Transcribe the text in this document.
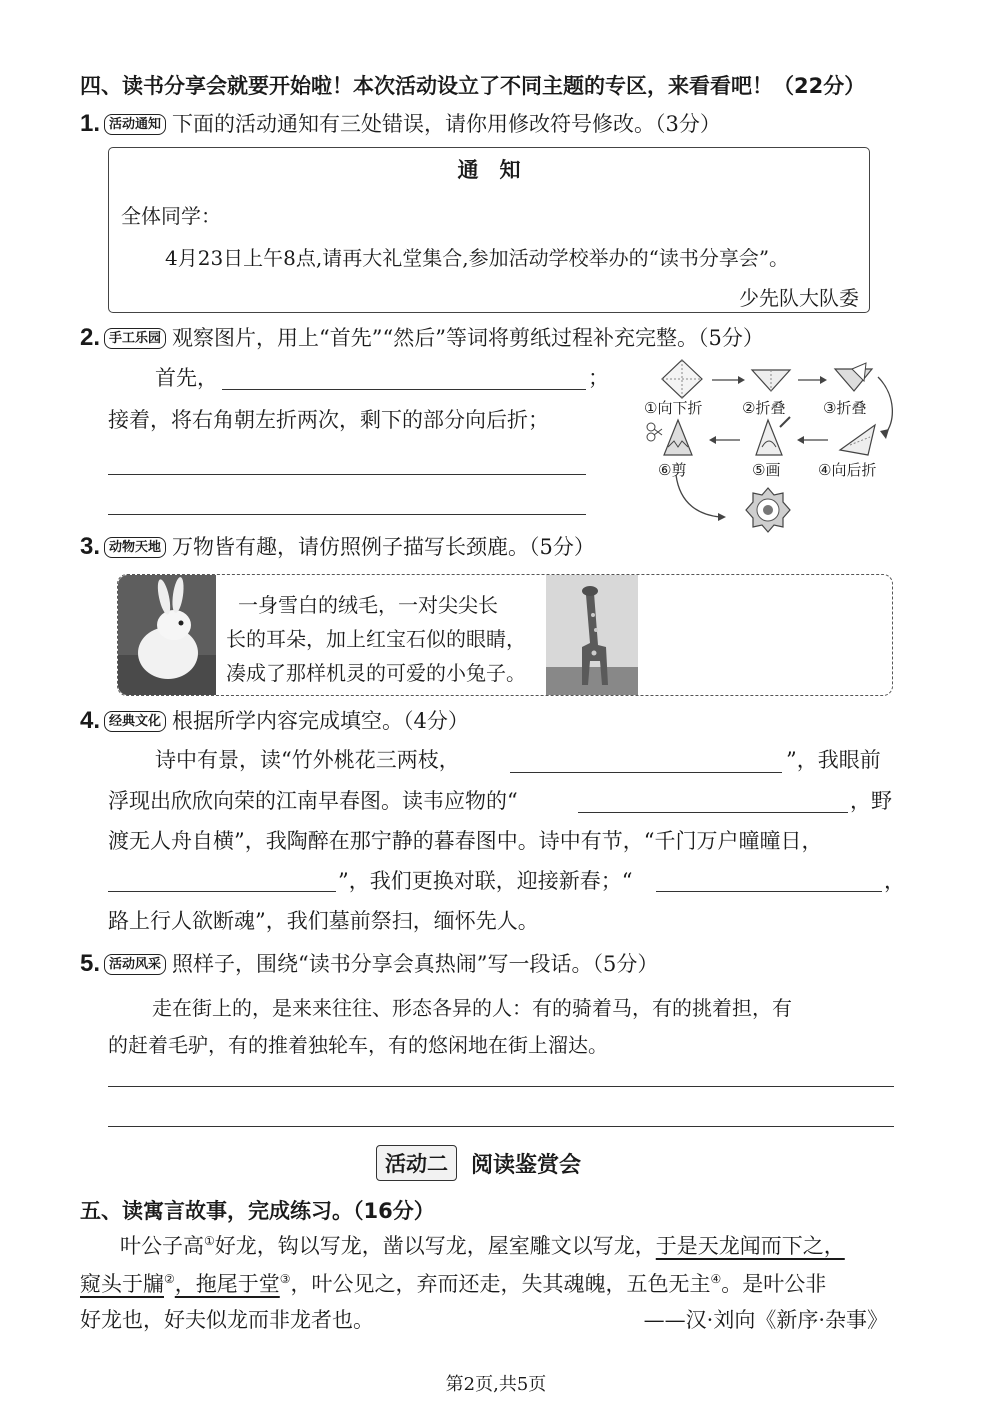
四、读书分享会就要开始啦！本次活动设立了不同主题的专区，来看看吧！（22分）
1. 活动通知 下面的活动通知有三处错误，请你用修改符号修改。（3分）
通　知
全体同学：
4月23日上午8点,请再大礼堂集合,参加活动学校举办的“读书分享会”。
少先队大队委
2. 手工乐园 观察图片，用上“首先”“然后”等词将剪纸过程补充完整。（5分）
首先，	；
接着，将右角朝左折两次，剩下的部分向后折；	①向下折	②折叠	③折叠
④向后折
⑤画
⑥剪
3. 动物天地 万物皆有趣，请仿照例子描写长颈鹿。（5分）
一身雪白的绒毛，一对尖尖长
长的耳朵，加上红宝石似的眼睛，
凑成了那样机灵的可爱的小兔子。
4. 经典文化 根据所学内容完成填空。（4分）
诗中有景，读“竹外桃花三两枝，	”，我眼前
浮现出欣欣向荣的江南早春图。读韦应物的“	，野
渡无人舟自横”，我陶醉在那宁静的暮春图中。诗中有节，“千门万户曈曈日，
”，我们更换对联，迎接新春；“	，
路上行人欲断魂”，我们墓前祭扫，缅怀先人。
5. 活动风采 照样子，围绕“读书分享会真热闹”写一段话。（5分）
走在街上的，是来来往往、形态各异的人：有的骑着马，有的挑着担，有
的赶着毛驴，有的推着独轮车，有的悠闲地在街上溜达。
活动二	阅读鉴赏会
五、读寓言故事，完成练习。（16分）
叶公子高①好龙，钩以写龙，凿以写龙，屋室雕文以写龙，于是天龙闻而下之，
窥头于牖②，拖尾于堂③，叶公见之，弃而还走，失其魂魄，五色无主④。是叶公非
好龙也，好夫似龙而非龙者也。	——汉·刘向《新序·杂事》
第2页,共5页
